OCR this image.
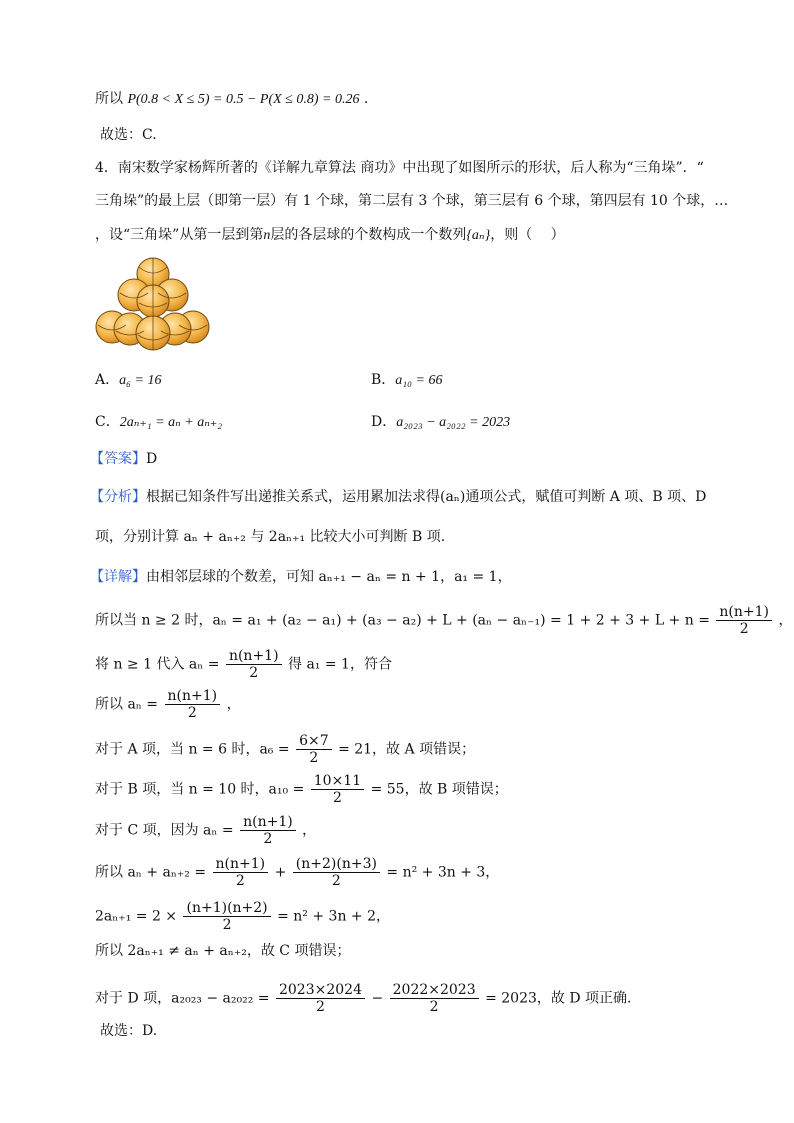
所以 P(0.8 < X ≤ 5) = 0.5 − P(X ≤ 0.8) = 0.26 .
故选：C.
4．南宋数学家杨辉所著的《详解九章算法 商功》中出现了如图所示的形状，后人称为“三角垛”．“
三角垛”的最上层（即第一层）有 1 个球，第二层有 3 个球，第三层有 6 个球，第四层有 10 个球，…
，设“三角垛”从第一层到第n层的各层球的个数构成一个数列{aₙ}，则（　 ）
A．a₆ = 16	B．a₁₀ = 66
C．2aₙ₊₁ = aₙ + aₙ₊₂	D．a₂₀₂₃ − a₂₀₂₂ = 2023
【答案】D
【分析】根据已知条件写出递推关系式，运用累加法求得(aₙ)通项公式，赋值可判断 A 项、B 项、D
项，分别计算 aₙ + aₙ₊₂ 与 2aₙ₊₁ 比较大小可判断 B 项.
【详解】由相邻层球的个数差，可知 aₙ₊₁ − aₙ = n + 1，a₁ = 1，
所以当 n ≥ 2 时，$a_n = a_1 + (a_2 - a_1) + (a_3 - a_2) + L + (a_n - a_{n-1}) = 1 + 2 + 3 + L + n = \frac{n(n+1)}{2}$ ，
将 n ≥ 1 代入 $a_n = \frac{n(n+1)}{2}$ 得 a₁ = 1，符合
所以 $a_n = \frac{n(n+1)}{2}$ ，
对于 A 项，当 n = 6 时，$a_6 = \frac{6\times 7}{2} = 21$，故 A 项错误；
对于 B 项，当 n = 10 时，$a_{10} = \frac{10\times 11}{2} = 55$，故 B 项错误；
对于 C 项，因为 $a_n = \frac{n(n+1)}{2}$ ，
所以 $a_n + a_{n+2} = \frac{n(n+1)}{2} + \frac{(n+2)(n+3)}{2} = n^2 + 3n + 3$，
$2a_{n+1} = 2 \times \frac{(n+1)(n+2)}{2} = n^2 + 3n + 2$，
所以 2aₙ₊₁ ≠ aₙ + aₙ₊₂，故 C 项错误；
对于 D 项，$a_{2023} - a_{2022} = \frac{2023\times 2024}{2} - \frac{2022\times 2023}{2} = 2023$，故 D 项正确.
故选：D.
